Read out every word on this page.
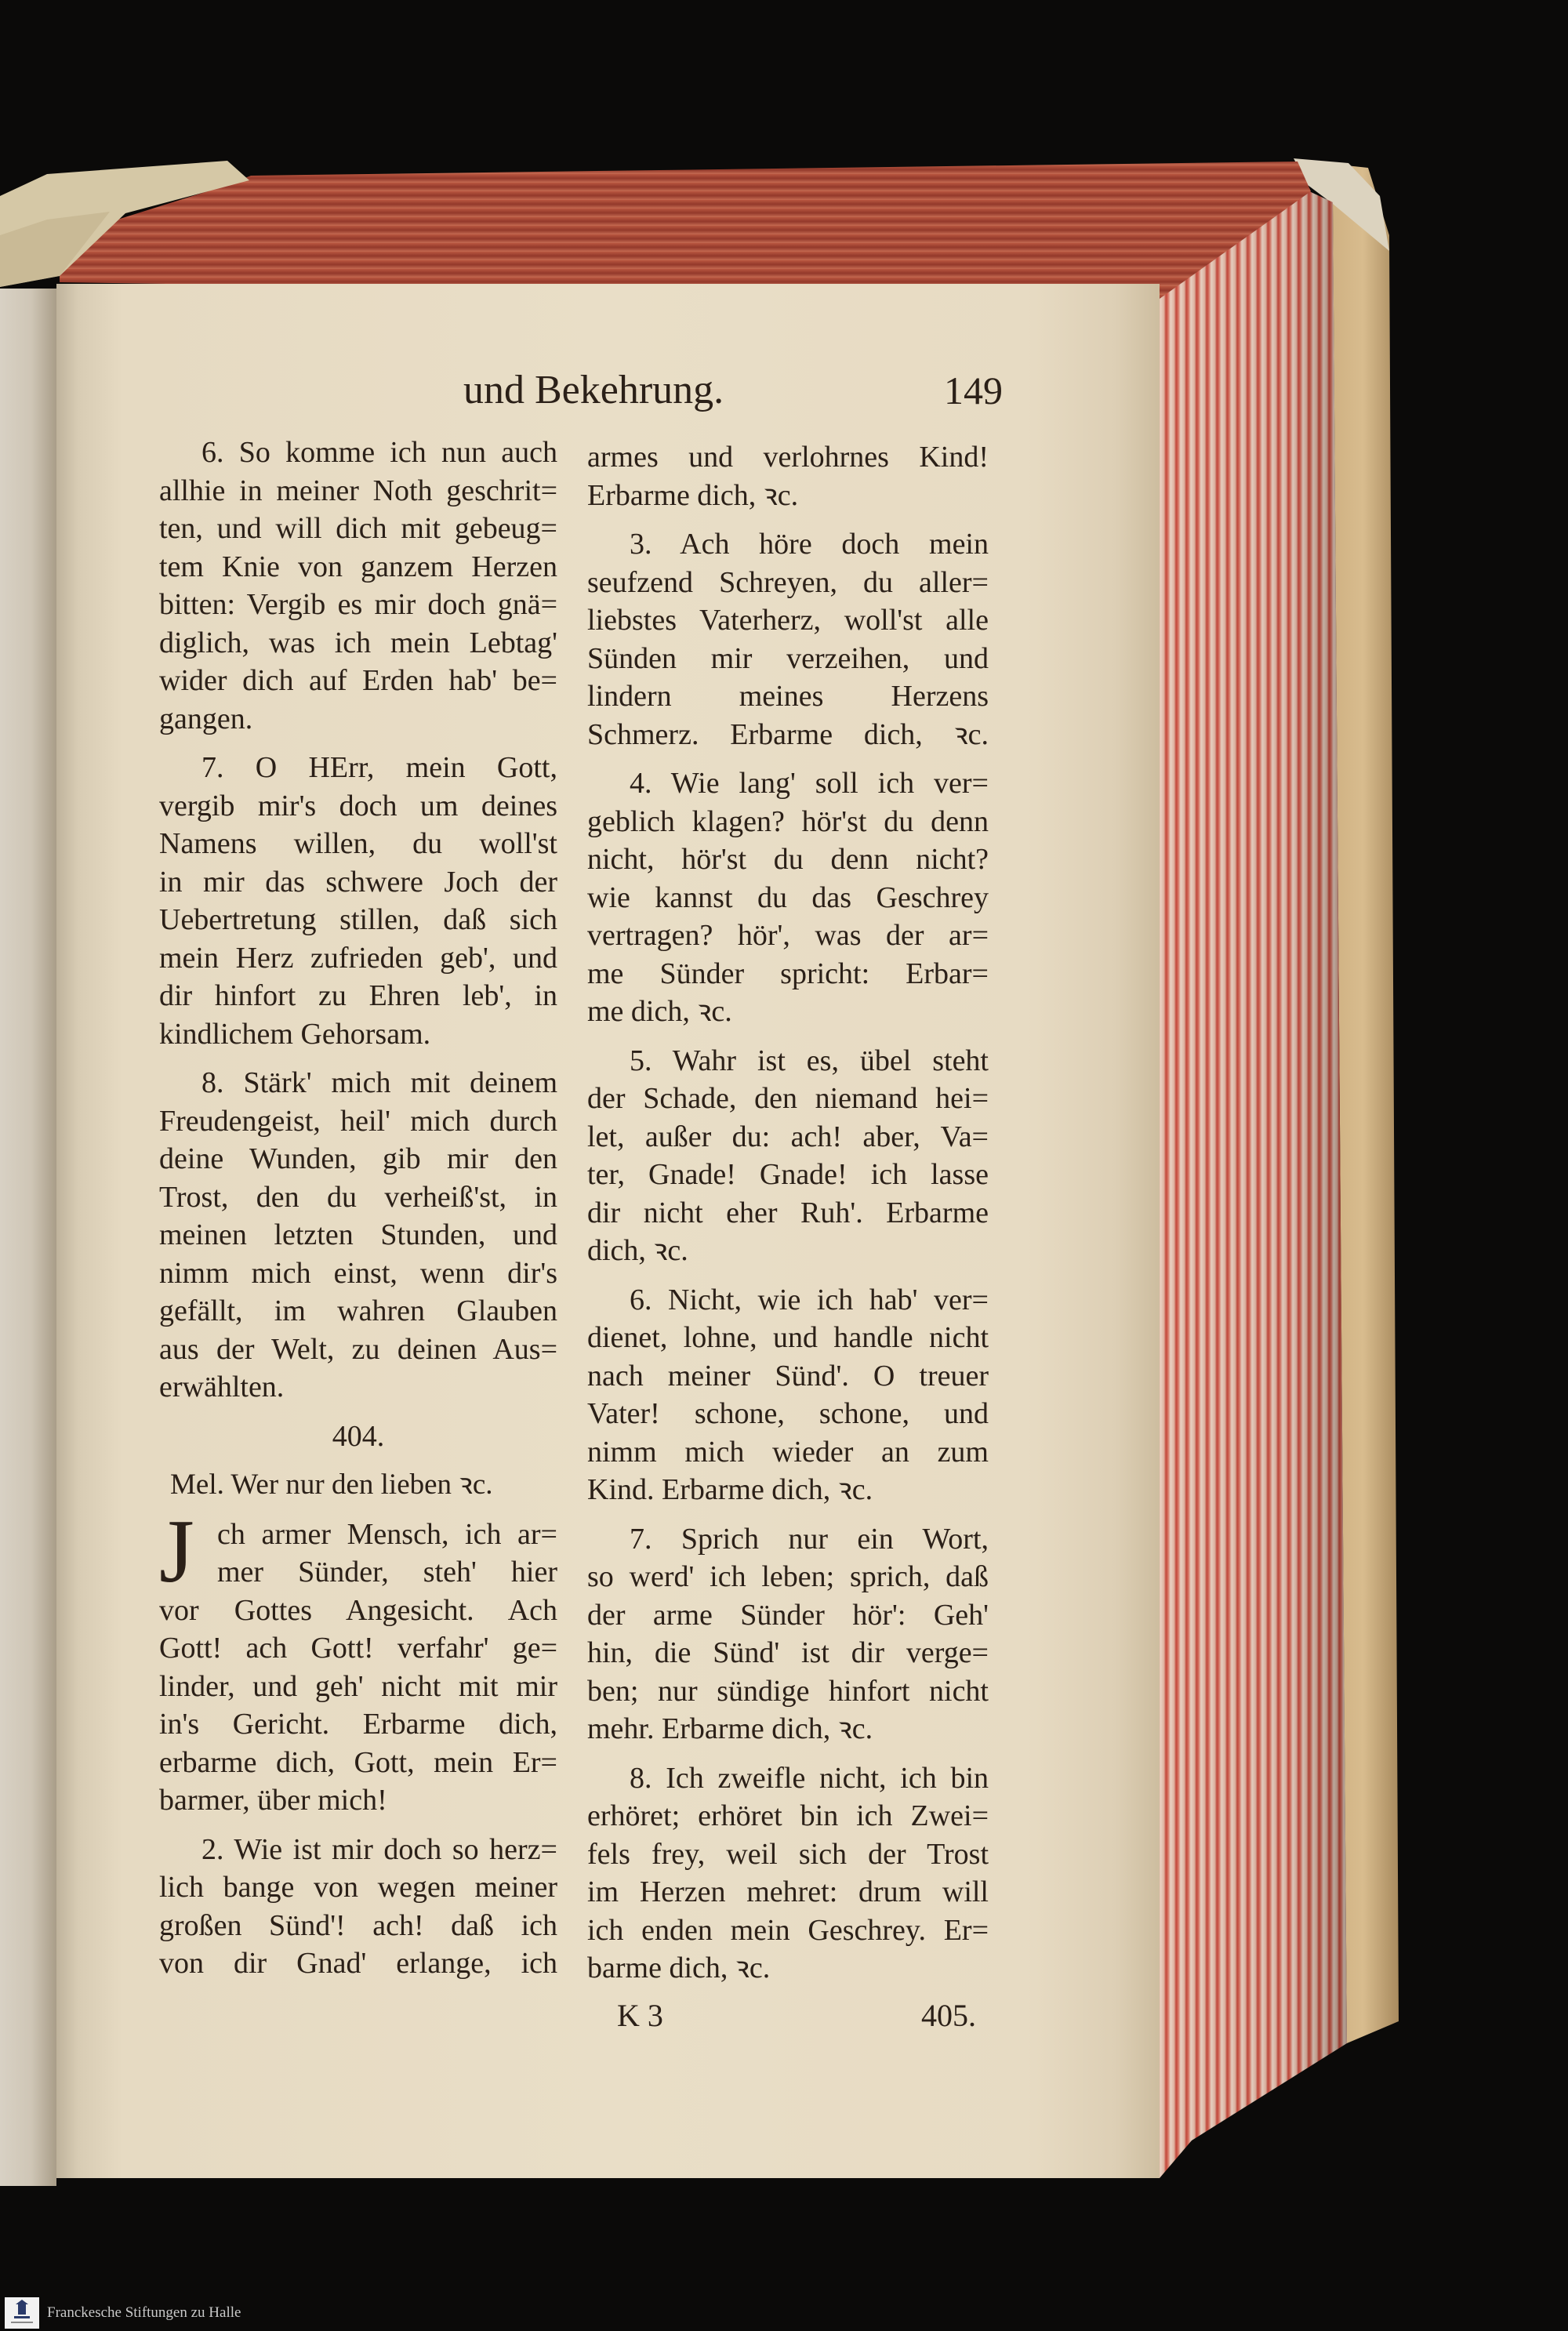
und Bekehrung.	149
6. So komme ich nun auch
allhie in meiner Noth geschrit=
ten, und will dich mit gebeug=
tem Knie von ganzem Herzen
bitten: Vergib es mir doch gnä=
diglich, was ich mein Lebtag'
wider dich auf Erden hab' be=
gangen.
7. O HErr, mein Gott,
vergib mir's doch um deines
Namens willen, du woll'st
in mir das schwere Joch der
Uebertretung stillen, daß sich
mein Herz zufrieden geb', und
dir hinfort zu Ehren leb', in
kindlichem Gehorsam.
8. Stärk' mich mit deinem
Freudengeist, heil' mich durch
deine Wunden, gib mir den
Trost, den du verheiß'st, in
meinen letzten Stunden, und
nimm mich einst, wenn dir's
gefällt, im wahren Glauben
aus der Welt, zu deinen Aus=
erwählten.
404.
Mel. Wer nur den lieben ꝛc.
J ch armer Mensch, ich ar=
mer Sünder, steh' hier
vor Gottes Angesicht. Ach
Gott! ach Gott! verfahr' ge=
linder, und geh' nicht mit mir
in's Gericht. Erbarme dich,
erbarme dich, Gott, mein Er=
barmer, über mich!
2. Wie ist mir doch so herz=
lich bange von wegen meiner
großen Sünd'! ach! daß ich
von dir Gnad' erlange, ich
armes und verlohrnes Kind!
Erbarme dich, ꝛc.
3. Ach höre doch mein
seufzend Schreyen, du aller=
liebstes Vaterherz, woll'st alle
Sünden mir verzeihen, und
lindern meines Herzens
Schmerz. Erbarme dich, ꝛc.
4. Wie lang' soll ich ver=
geblich klagen? hör'st du denn
nicht, hör'st du denn nicht?
wie kannst du das Geschrey
vertragen? hör', was der ar=
me Sünder spricht: Erbar=
me dich, ꝛc.
5. Wahr ist es, übel steht
der Schade, den niemand hei=
let, außer du: ach! aber, Va=
ter, Gnade! Gnade! ich lasse
dir nicht eher Ruh'. Erbarme
dich, ꝛc.
6. Nicht, wie ich hab' ver=
dienet, lohne, und handle nicht
nach meiner Sünd'. O treuer
Vater! schone, schone, und
nimm mich wieder an zum
Kind. Erbarme dich, ꝛc.
7. Sprich nur ein Wort,
so werd' ich leben; sprich, daß
der arme Sünder hör': Geh'
hin, die Sünd' ist dir verge=
ben; nur sündige hinfort nicht
mehr. Erbarme dich, ꝛc.
8. Ich zweifle nicht, ich bin
erhöret; erhöret bin ich Zwei=
fels frey, weil sich der Trost
im Herzen mehret: drum will
ich enden mein Geschrey. Er=
barme dich, ꝛc.
K 3	405.
Franckesche Stiftungen zu Halle
